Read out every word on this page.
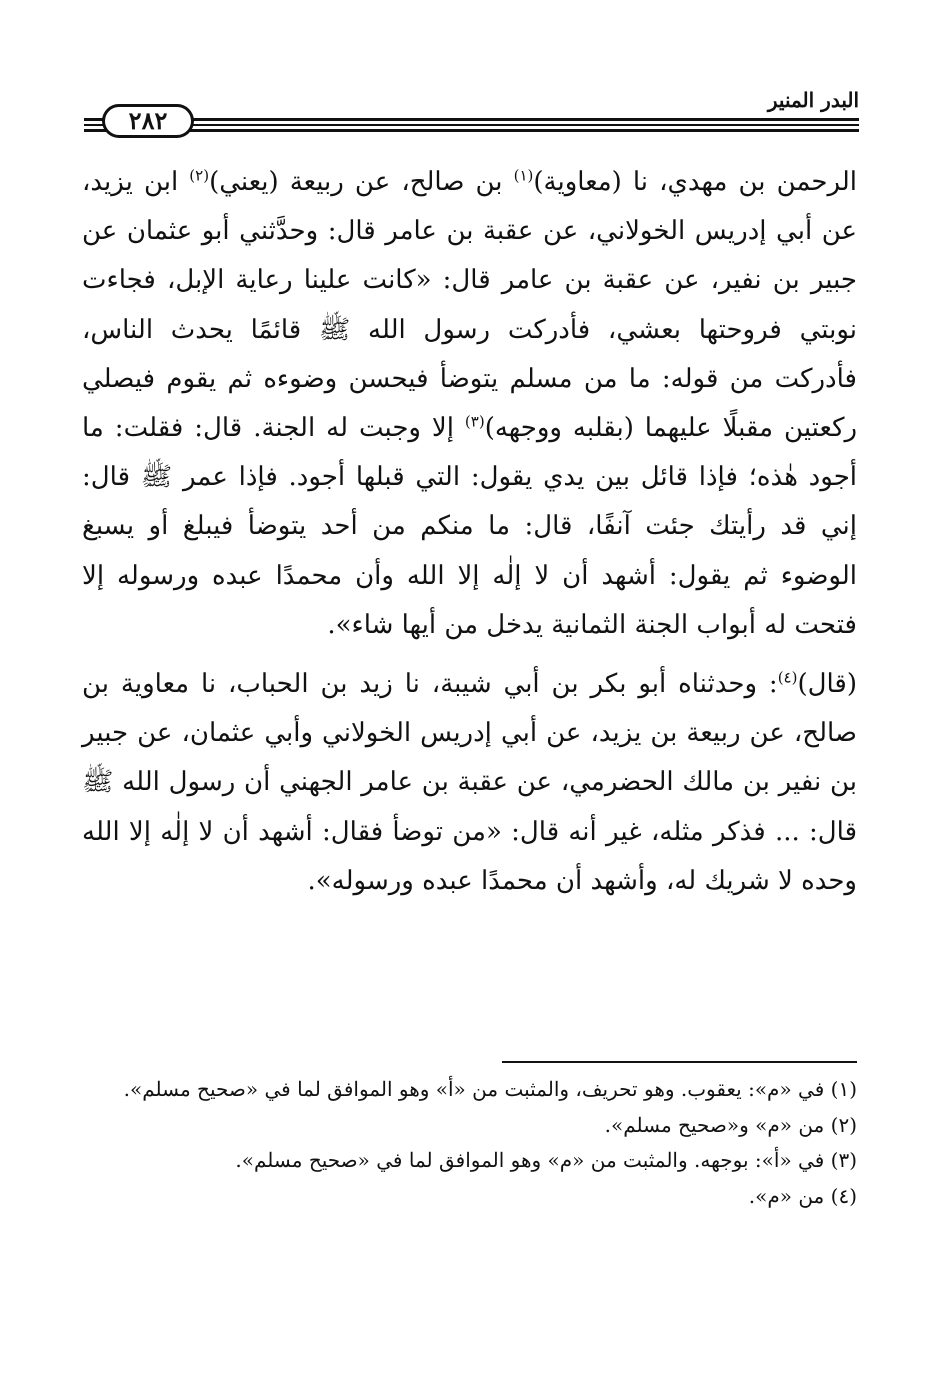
البدر المنير
٢٨٢

الرحمن بن مهدي، نا (معاوية)$^{(١)}$ بن صالح، عن ربيعة (يعني)$^{(٢)}$ ابن يزيد، عن أبي إدريس الخولاني، عن عقبة بن عامر قال: وحدَّثني أبو عثمان عن جبير بن نفير، عن عقبة بن عامر قال: «كانت علينا رعاية الإبل، فجاءت نوبتي فروحتها بعشي، فأدركت رسول الله ﷺ قائمًا يحدث الناس، فأدركت من قوله: ما من مسلم يتوضأ فيحسن وضوءه ثم يقوم فيصلي ركعتين مقبلًا عليهما (بقلبه ووجهه)$^{(٣)}$ إلا وجبت له الجنة. قال: فقلت: ما أجود هٰذه؛ فإذا قائل بين يدي يقول: التي قبلها أجود. فإذا عمر ﷺ قال: إني قد رأيتك جئت آنفًا، قال: ما منكم من أحد يتوضأ فيبلغ أو يسبغ الوضوء ثم يقول: أشهد أن لا إلٰه إلا الله وأن محمدًا عبده ورسوله إلا فتحت له أبواب الجنة الثمانية يدخل من أيها شاء».

(قال)$^{(٤)}$: وحدثناه أبو بكر بن أبي شيبة، نا زيد بن الحباب، نا معاوية بن صالح، عن ربيعة بن يزيد، عن أبي إدريس الخولاني وأبي عثمان، عن جبير بن نفير بن مالك الحضرمي، عن عقبة بن عامر الجهني أن رسول الله ﷺ قال: ... فذكر مثله، غير أنه قال: «من توضأ فقال: أشهد أن لا إلٰه إلا الله وحده لا شريك له، وأشهد أن محمدًا عبده ورسوله».

(١) في «م»: يعقوب. وهو تحريف، والمثبت من «أ» وهو الموافق لما في «صحيح مسلم».

(٢) من «م» و«صحيح مسلم».

(٣) في «أ»: بوجهه. والمثبت من «م» وهو الموافق لما في «صحيح مسلم».

(٤) من «م».
